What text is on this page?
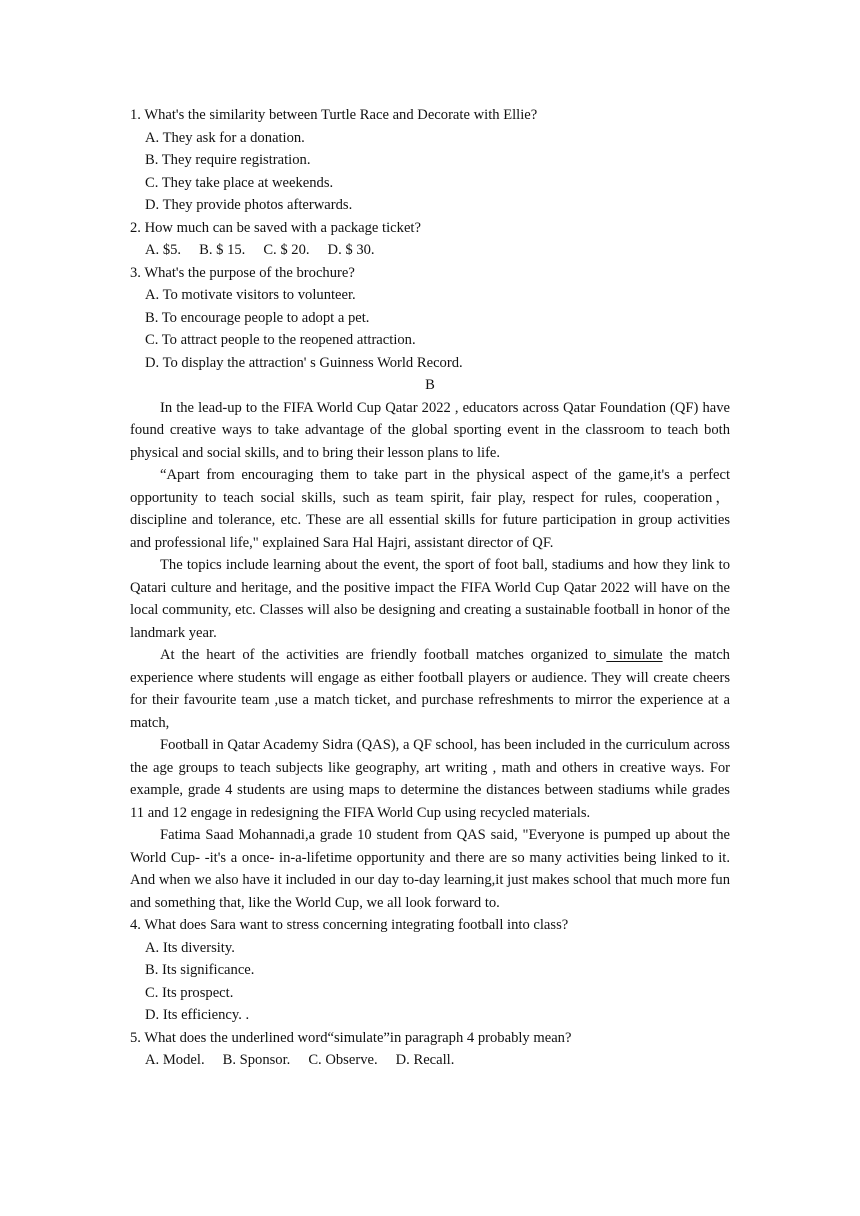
1. What's the similarity between Turtle Race and Decorate with Ellie?
A. They ask for a donation.
B. They require registration.
C. They take place at weekends.
D. They provide photos afterwards.
2. How much can be saved with a package ticket?
A. $5. B. $ 15. C. $ 20. D. $ 30.
3. What's the purpose of the brochure?
A. To motivate visitors to volunteer.
B. To encourage people to adopt a pet.
C. To attract people to the reopened attraction.
D. To display the attraction' s Guinness World Record.
B
In the lead-up to the FIFA World Cup Qatar 2022 , educators across Qatar Foundation (QF) have found creative ways to take advantage of the global sporting event in the classroom to teach both physical and social skills, and to bring their lesson plans to life.
“Apart from encouraging them to take part in the physical aspect of the game,it's a perfect opportunity to teach social skills, such as team spirit, fair play, respect for rules, cooperation，discipline and tolerance, etc. These are all essential skills for future participation in group activities and professional life," explained Sara Hal Hajri, assistant director of QF.
The topics include learning about the event, the sport of foot ball, stadiums and how they link to Qatari culture and heritage, and the positive impact the FIFA World Cup Qatar 2022 will have on the local community, etc. Classes will also be designing and creating a sustainable football in honor of the landmark year.
At the heart of the activities are friendly football matches organized to simulate the match experience where students will engage as either football players or audience. They will create cheers for their favourite team ,use a match ticket, and purchase refreshments to mirror the experience at a match,
Football in Qatar Academy Sidra (QAS), a QF school, has been included in the curriculum across the age groups to teach subjects like geography, art writing , math and others in creative ways. For example, grade 4 students are using maps to determine the distances between stadiums while grades 11 and 12 engage in redesigning the FIFA World Cup using recycled materials.
Fatima Saad Mohannadi,a grade 10 student from QAS said, "Everyone is pumped up about the World Cup- -it's a once- in-a-lifetime opportunity and there are so many activities being linked to it. And when we also have it included in our day to-day learning,it just makes school that much more fun and something that, like the World Cup, we all look forward to.
4. What does Sara want to stress concerning integrating football into class?
A. Its diversity.
B. Its significance.
C. Its prospect.
D. Its efficiency. .
5. What does the underlined word“simulate”in paragraph 4 probably mean?
A. Model. B. Sponsor. C. Observe. D. Recall.
